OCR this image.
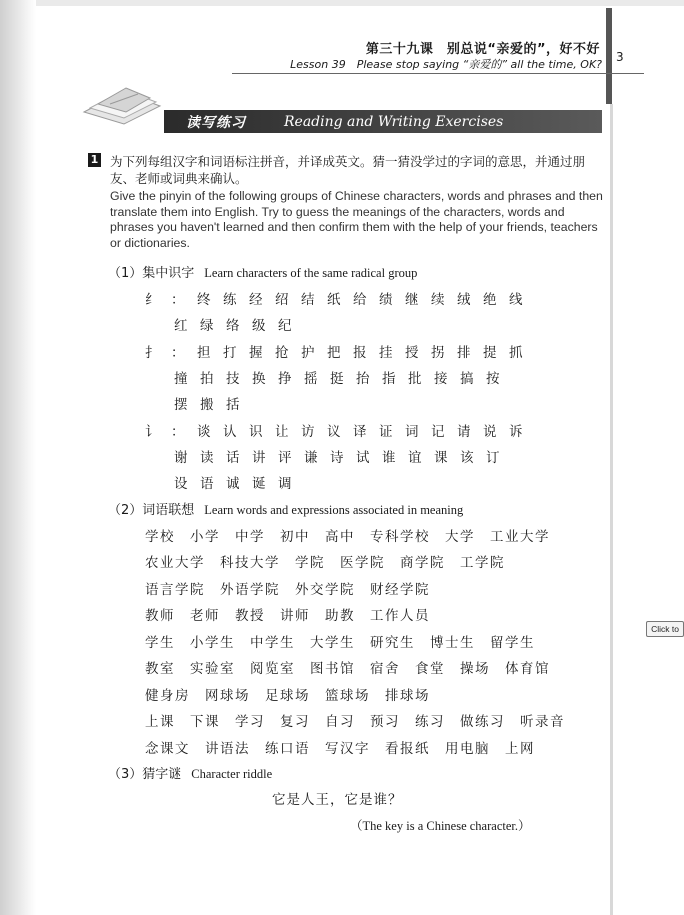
第三十九课　别总说“亲爱的”，好不好
Lesson 39　Please stop saying “亲爱的” all the time, OK?
3
读写练习	Reading and Writing Exercises
1 为下列每组汉字和词语标注拼音，并译成英文。猜一猜没学过的字词的意思，并通过朋友、老师或词典来确认。
Give the pinyin of the following groups of Chinese characters, words and phrases and then translate them into English. Try to guess the meanings of the characters, words and phrases you haven't learned and then confirm them with the help of your friends, teachers or dictionaries.
（1）集中识字 Learn characters of the same radical group
纟：终练经绍结纸给绩继续绒绝线
红绿络级纪
扌：担打握抢护把报挂授拐排提抓
撞拍技换挣摇挺抬指批接搞按
摆搬括
讠：谈认识让访议译证词记请说诉
谢读话讲评谦诗试谁谊课该订
设语诚诞调
（2）词语联想 Learn words and expressions associated in meaning
学校　小学　中学　初中　高中　专科学校　大学　工业大学
农业大学　科技大学　学院　医学院　商学院　工学院
语言学院　外语学院　外交学院　财经学院
教师　老师　教授　讲师　助教　工作人员
学生　小学生　中学生　大学生　研究生　博士生　留学生
教室　实验室　阅览室　图书馆　宿舍　食堂　操场　体育馆
健身房　网球场　足球场　篮球场　排球场
上课　下课　学习　复习　自习　预习　练习　做练习　听录音
念课文　讲语法　练口语　写汉字　看报纸　用电脑　上网
（3）猜字谜 Character riddle
它是人王，它是谁？
（The key is a Chinese character.）
Click to
